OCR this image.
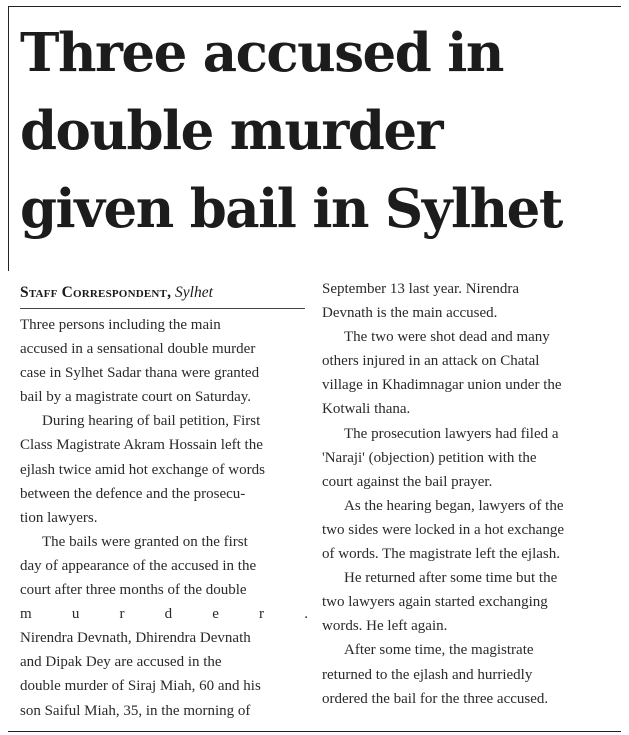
Three accused in
double murder
given bail in Sylhet
Staff Correspondent, Sylhet
Three persons including the main
accused in a sensational double murder
case in Sylhet Sadar thana were granted
bail by a magistrate court on Saturday.
During hearing of bail petition, First
Class Magistrate Akram Hossain left the
ejlash twice amid hot exchange of words
between the defence and the prosecu-
tion lawyers.
The bails were granted on the first
day of appearance of the accused in the
court after three months of the double
m	u	r	d	e	r	.
Nirendra Devnath, Dhirendra Devnath
and Dipak Dey are accused in the
double murder of Siraj Miah, 60 and his
son Saiful Miah, 35, in the morning of
September 13 last year. Nirendra
Devnath is the main accused.
The two were shot dead and many
others injured in an attack on Chatal
village in Khadimnagar union under the
Kotwali thana.
The prosecution lawyers had filed a
'Naraji' (objection) petition with the
court against the bail prayer.
As the hearing began, lawyers of the
two sides were locked in a hot exchange
of words. The magistrate left the ejlash.
He returned after some time but the
two lawyers again started exchanging
words. He left again.
After some time, the magistrate
returned to the ejlash and hurriedly
ordered the bail for the three accused.
